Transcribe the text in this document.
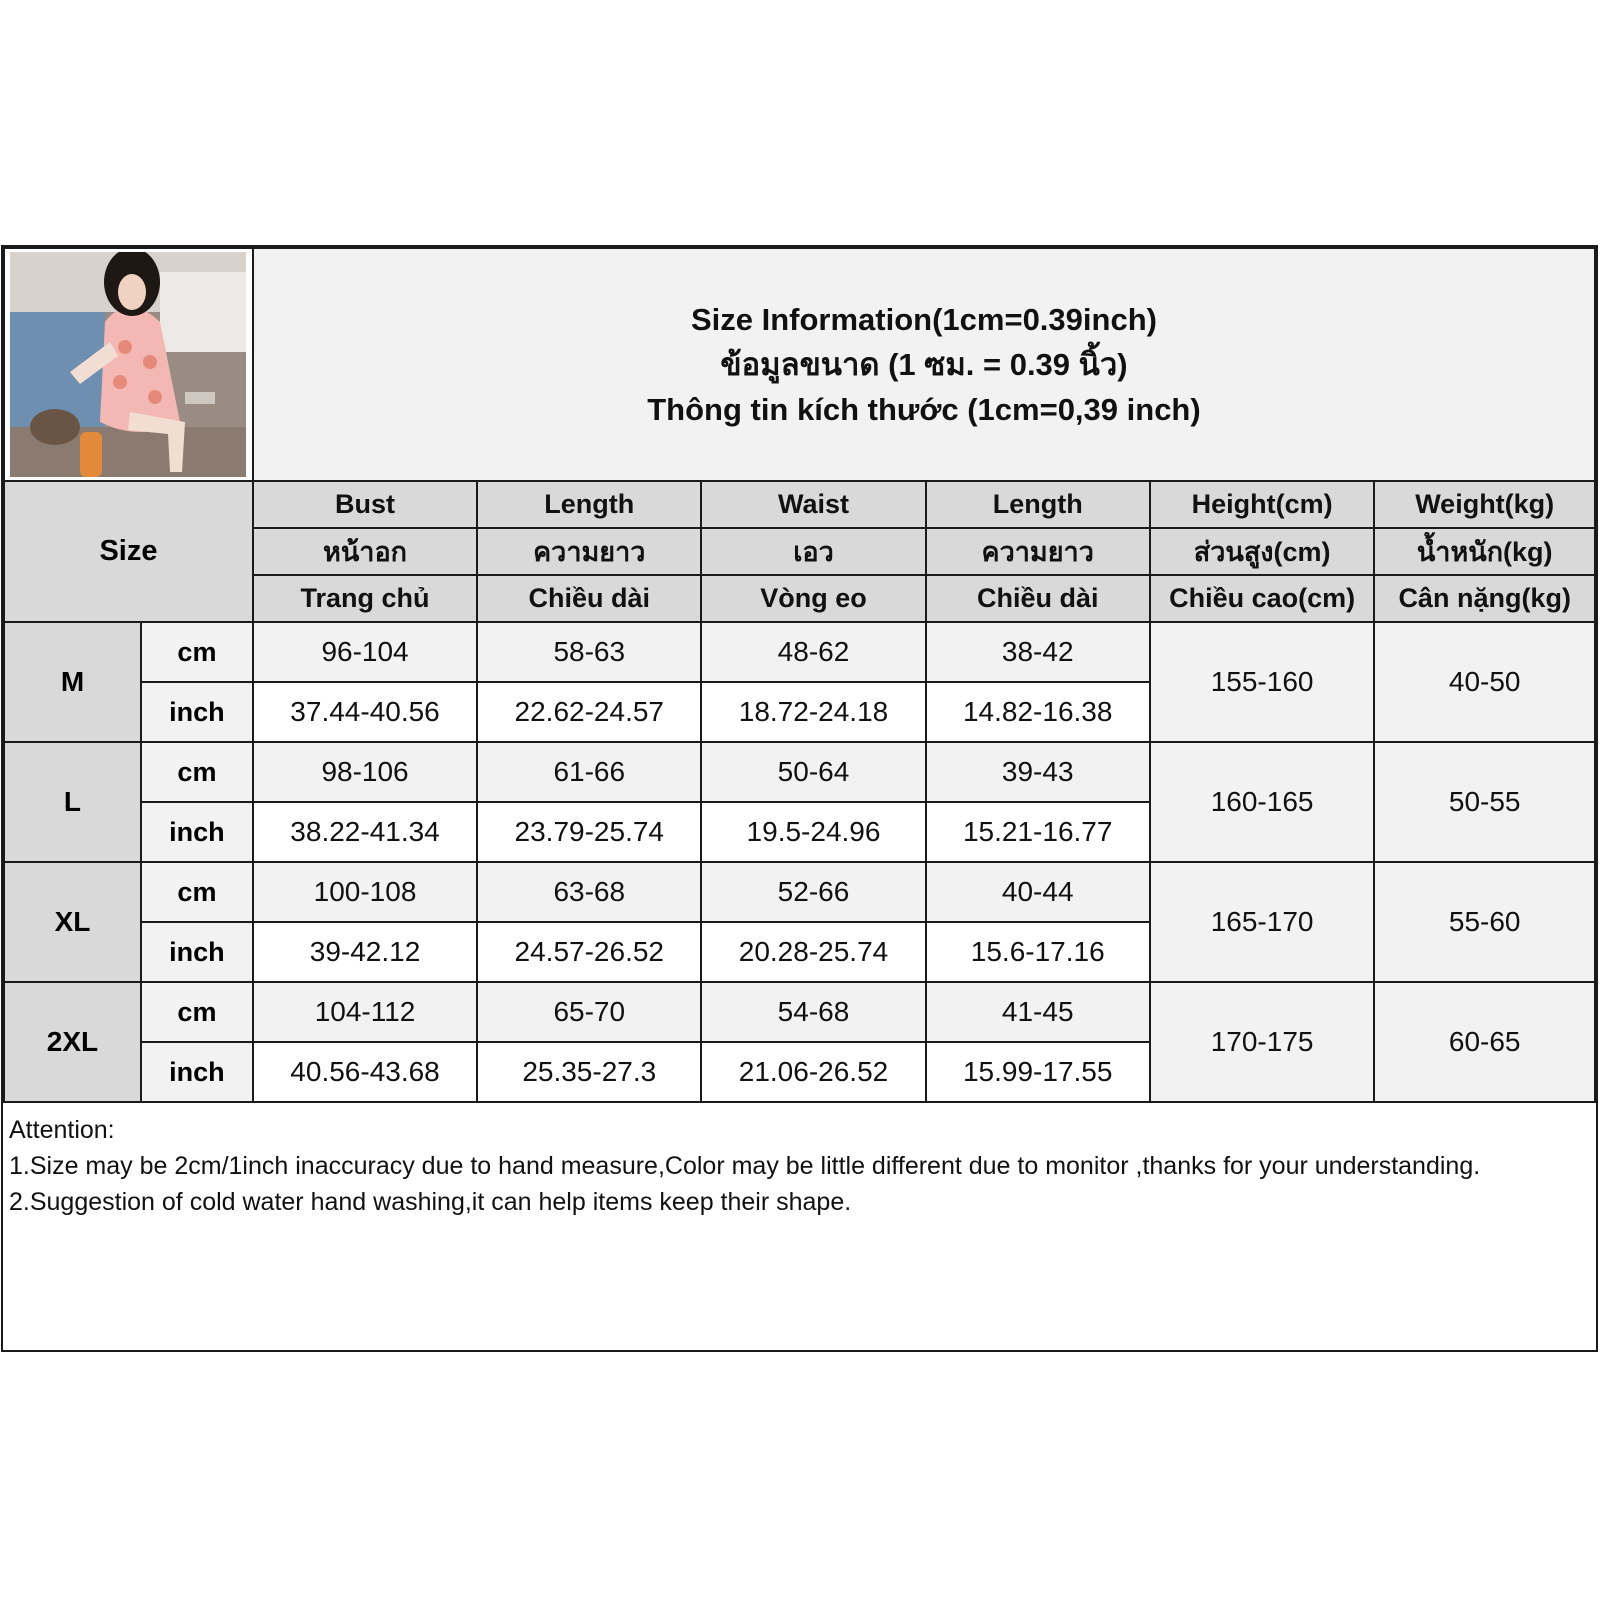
Size Information(1cm=0.39inch)
ข้อมูลขนาด (1 ซม. = 0.39 นิ้ว)
Thông tin kích thước (1cm=0,39 inch)					

Size		Bust	Length	Waist	Length	Height(cm)	Weight(kg)
		หน้าอก	ความยาว	เอว	ความยาว	ส่วนสูง(cm)	น้ำหนัก(kg)
		Trang chủ	Chiều dài	Vòng eo	Chiều dài	Chiều cao(cm)	Cân nặng(kg)
M	cm	96-104	58-63	48-62	38-42	155-160	40-50
	inch	37.44-40.56	22.62-24.57	18.72-24.18	14.82-16.38		
L	cm	98-106	61-66	50-64	39-43	160-165	50-55
	inch	38.22-41.34	23.79-25.74	19.5-24.96	15.21-16.77		
XL	cm	100-108	63-68	52-66	40-44	165-170	55-60
	inch	39-42.12	24.57-26.52	20.28-25.74	15.6-17.16		
2XL	cm	104-112	65-70	54-68	41-45	170-175	60-65
	inch	40.56-43.68	25.35-27.3	21.06-26.52	15.99-17.55		
Attention:
1.Size may be 2cm/1inch inaccuracy due to hand measure,Color may be little different due to monitor ,thanks for your understanding.
2.Suggestion of cold water hand washing,it can help items keep their shape.
